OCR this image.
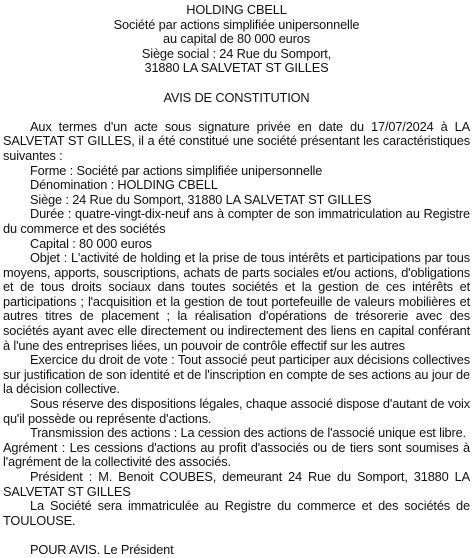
HOLDING CBELL
Société par actions simplifiée unipersonnelle
au capital de 80 000 euros
Siège social : 24 Rue du Somport,
31880 LA SALVETAT ST GILLES
AVIS DE CONSTITUTION

Aux termes d'un acte sous signature privée en date du 17/07/2024 à LA SALVETAT ST GILLES, il a été constitué une société présentant les caractéristiques suivantes :

Forme : Société par actions simplifiée unipersonnelle

Dénomination : HOLDING CBELL

Siège : 24 Rue du Somport, 31880 LA SALVETAT ST GILLES

Durée : quatre-vingt-dix-neuf ans à compter de son immatriculation au Registre du commerce et des sociétés

Capital : 80 000 euros

Objet : L'activité de holding et la prise de tous intérêts et participations par tous moyens, apports, souscriptions, achats de parts sociales et/ou actions, d'obligations et de tous droits sociaux dans toutes sociétés et la gestion de ces intérêts et participations ; l'acquisition et la gestion de tout portefeuille de valeurs mobilières et autres titres de placement ; la réalisation d'opérations de trésorerie avec des sociétés ayant avec elle directement ou indirectement des liens en capital conférant à l'une des entreprises liées, un pouvoir de contrôle effectif sur les autres

Exercice du droit de vote : Tout associé peut participer aux décisions collectives sur justification de son identité et de l'inscription en compte de ses actions au jour de la décision collective.

Sous réserve des dispositions légales, chaque associé dispose d'autant de voix qu'il possède ou représente d'actions.

Transmission des actions : La cession des actions de l'associé unique est libre.

Agrément : Les cessions d'actions au profit d'associés ou de tiers sont soumises à l'agrément de la collectivité des associés.

Président : M. Benoit COUBES, demeurant 24 Rue du Somport, 31880 LA SALVETAT ST GILLES

La Société sera immatriculée au Registre du commerce et des sociétés de TOULOUSE.

POUR AVIS. Le Président
